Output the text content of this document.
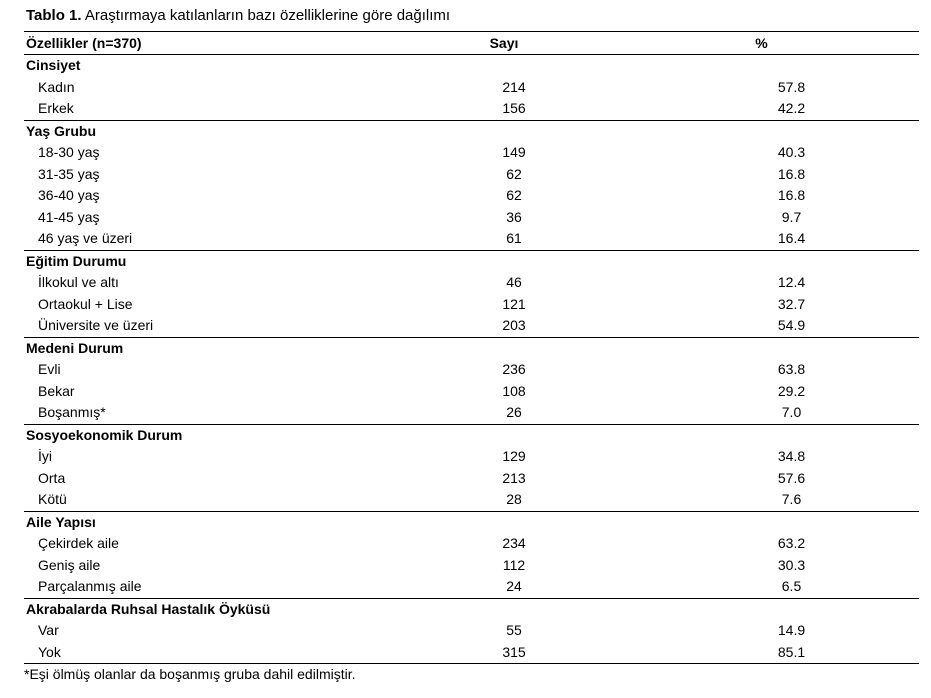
Tablo 1. Araştırmaya katılanların bazı özelliklerine göre dağılımı
Özellikler (n=370)	Sayı	%
Cinsiyet		
Kadın	214	57.8
Erkek	156	42.2
Yaş Grubu		
18-30 yaş	149	40.3
31-35 yaş	62	16.8
36-40 yaş	62	16.8
41-45 yaş	36	9.7
46 yaş ve üzeri	61	16.4
Eğitim Durumu		
İlkokul ve altı	46	12.4
Ortaokul + Lise	121	32.7
Üniversite ve üzeri	203	54.9
Medeni Durum		
Evli	236	63.8
Bekar	108	29.2
Boşanmış*	26	7.0
Sosyoekonomik Durum		
İyi	129	34.8
Orta	213	57.6
Kötü	28	7.6
Aile Yapısı		
Çekirdek aile	234	63.2
Geniş aile	112	30.3
Parçalanmış aile	24	6.5
Akrabalarda Ruhsal Hastalık Öyküsü		
Var	55	14.9
Yok	315	85.1
*Eşi ölmüş olanlar da boşanmış gruba dahil edilmiştir.
